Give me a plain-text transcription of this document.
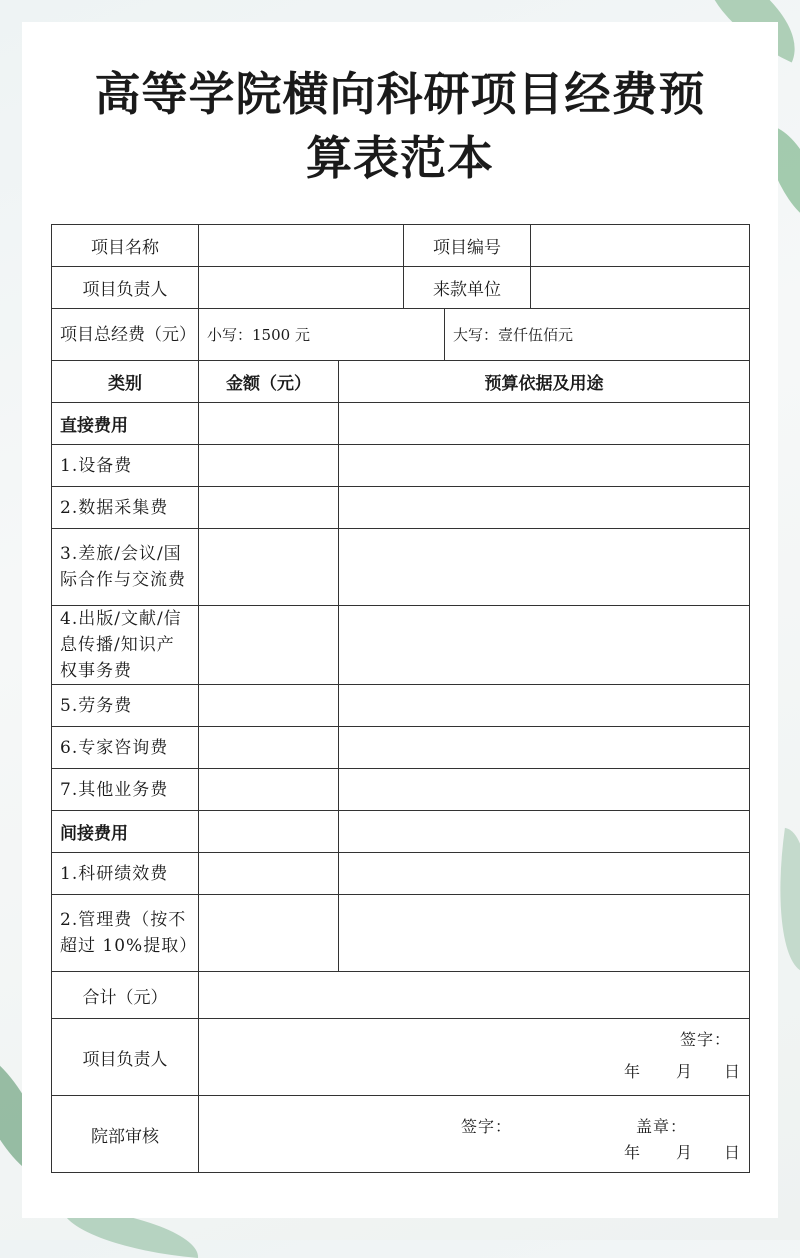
高等学院横向科研项目经费预
算表范本
项目名称			项目编号		
项目负责人			来款单位		
项目总经费（元）	小写：1500 元			大写：壹仟伍佰元	
类别	金额（元）	预算依据及用途			
直接费用					
1.设备费					
2.数据采集费					
3.差旅/会议/国际合作与交流费					
4.出版/文献/信息传播/知识产权事务费					
5.劳务费					
6.专家咨询费					
7.其他业务费					
间接费用					
1.科研绩效费					
2.管理费（按不超过 10%提取）					
合计（元）					
项目负责人	签字：
年 月 日				

院部审核	签字： 盖章：
年 月 日				
